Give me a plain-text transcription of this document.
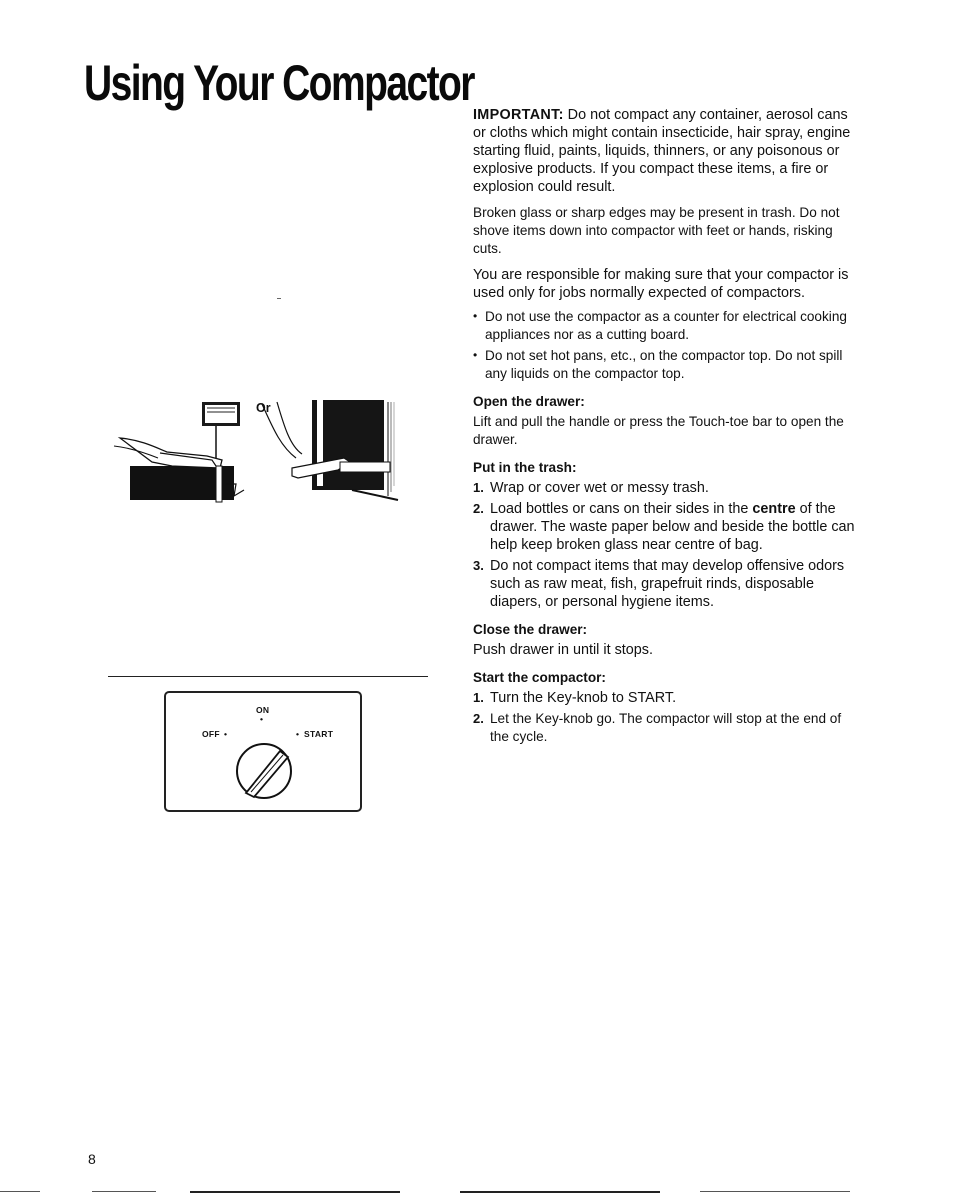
Using Your Compactor
Or
ON
•
OFF •	• START

IMPORTANT: Do not compact any container, aerosol cans or cloths which might contain insecticide, hair spray, engine starting fluid, paints, liquids, thinners, or any poisonous or explosive products. If you compact these items, a fire or explosion could result.

Broken glass or sharp edges may be present in trash. Do not shove items down into compactor with feet or hands, risking cuts.

You are responsible for making sure that your compactor is used only for jobs normally expected of compactors.

• Do not use the compactor as a counter for electrical cooking appliances nor as a cutting board.
• Do not set hot pans, etc., on the compactor top. Do not spill any liquids on the compactor top.
Open the drawer:

Lift and pull the handle or press the Touch-toe bar to open the drawer.

Put in the trash:
1. Wrap or cover wet or messy trash.
2. Load bottles or cans on their sides in the centre of the drawer. The waste paper below and beside the bottle can help keep broken glass near centre of bag.
3. Do not compact items that may develop offensive odors such as raw meat, fish, grapefruit rinds, disposable diapers, or personal hygiene items.
Close the drawer:

Push drawer in until it stops.

Start the compactor:
1. Turn the Key-knob to START.
2. Let the Key-knob go. The compactor will stop at the end of the cycle.
8
